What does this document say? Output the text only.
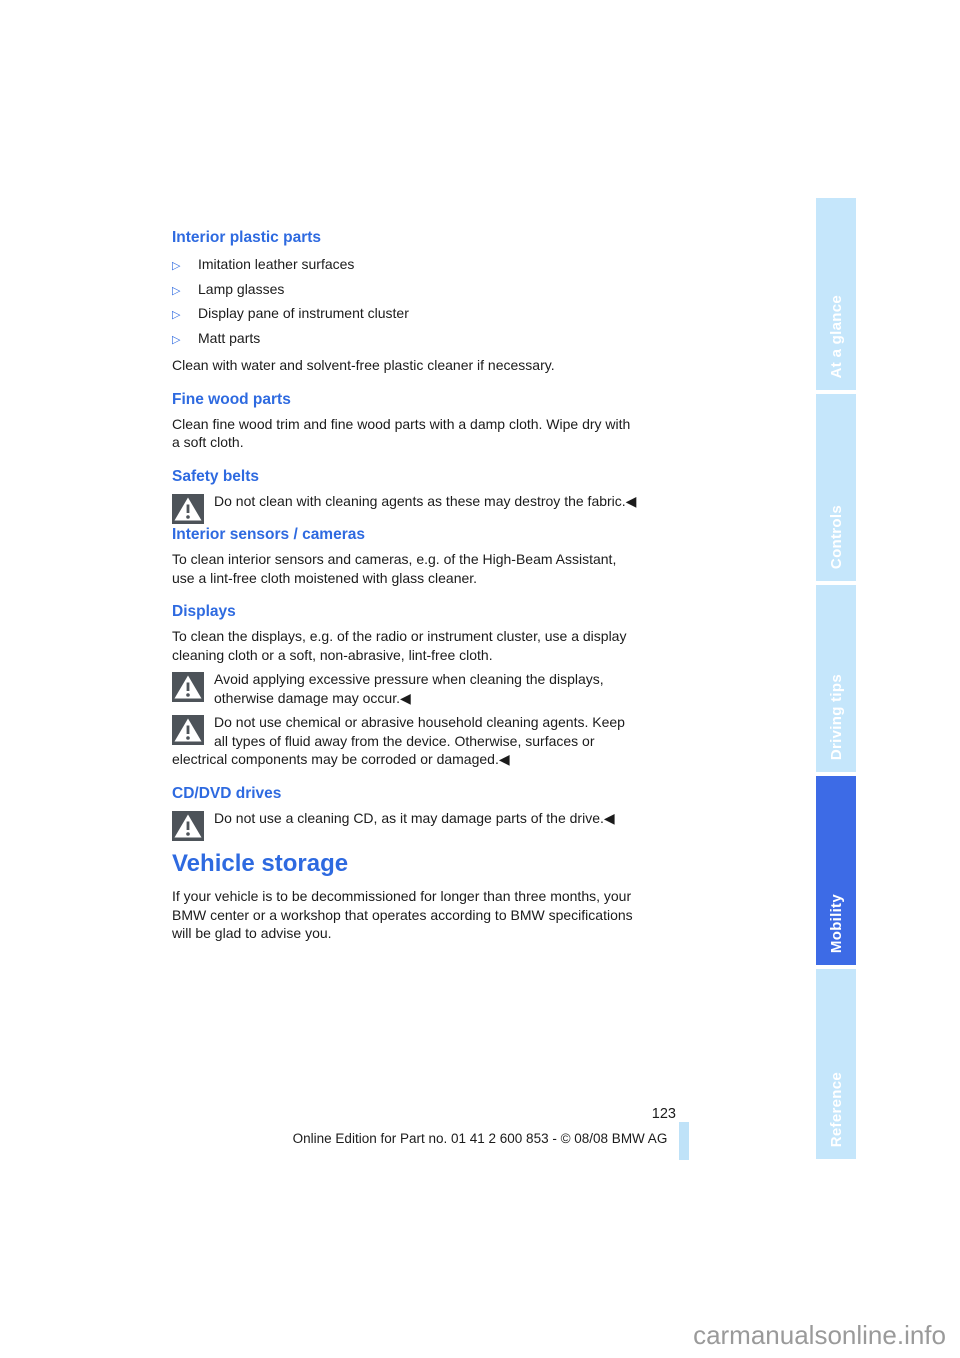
Interior plastic parts
▷	Imitation leather surfaces
▷	Lamp glasses
▷	Display pane of instrument cluster
▷	Matt parts

Clean with water and solvent-free plastic cleaner if necessary.

Fine wood parts

Clean fine wood trim and fine wood parts with a damp cloth. Wipe dry with a soft cloth.

Safety belts

Do not clean with cleaning agents as these may destroy the fabric.◀

Interior sensors / cameras

To clean interior sensors and cameras, e.g. of the High-Beam Assistant, use a lint-free cloth moistened with glass cleaner.

Displays

To clean the displays, e.g. of the radio or instrument cluster, use a display cleaning cloth or a soft, non-abrasive, lint-free cloth.

Avoid applying excessive pressure when cleaning the displays, otherwise damage may occur.◀

Do not use chemical or abrasive household cleaning agents. Keep all types of fluid away from the device. Otherwise, surfaces or electrical components may be corroded or damaged.◀

CD/DVD drives

Do not use a cleaning CD, as it may damage parts of the drive.◀

Vehicle storage

If your vehicle is to be decommissioned for longer than three months, your BMW center or a workshop that operates according to BMW specifications will be glad to advise you.

At a glance
Controls
Driving tips
Mobility
Reference
123
Online Edition for Part no. 01 41 2 600 853 - © 08/08 BMW AG
carmanualsonline.info
